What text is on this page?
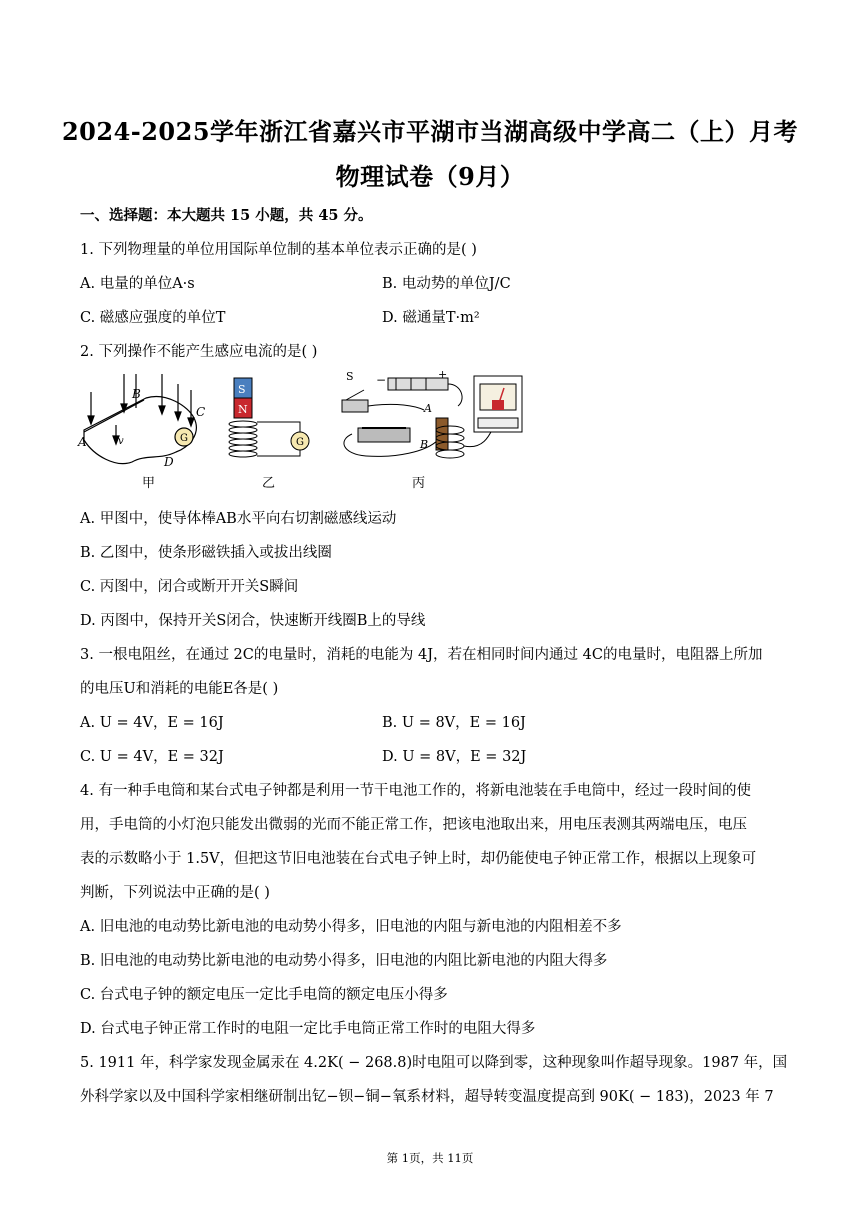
2024-2025学年浙江省嘉兴市平湖市当湖高级中学高二（上）月考
物理试卷（9月）
一、选择题：本大题共 15 小题，共 45 分。
1. 下列物理量的单位用国际单位制的基本单位表示正确的是( )
A. 电量的单位A·s	B. 电动势的单位J/C
C. 磁感应强度的单位T	D. 磁通量T·m²
2. 下列操作不能产生感应电流的是( )
G
B
A
C
D
v
甲
S
N
G
乙
−	+
S
A
B
丙
A. 甲图中，使导体棒AB水平向右切割磁感线运动
B. 乙图中，使条形磁铁插入或拔出线圈
C. 丙图中，闭合或断开开关S瞬间
D. 丙图中，保持开关S闭合，快速断开线圈B上的导线
3. 一根电阻丝，在通过 2C的电量时，消耗的电能为 4J，若在相同时间内通过 4C的电量时，电阻器上所加
的电压U和消耗的电能E各是( )
A. U = 4V，E = 16J	B. U = 8V，E = 16J
C. U = 4V，E = 32J	D. U = 8V，E = 32J
4. 有一种手电筒和某台式电子钟都是利用一节干电池工作的，将新电池装在手电筒中，经过一段时间的使
用，手电筒的小灯泡只能发出微弱的光而不能正常工作，把该电池取出来，用电压表测其两端电压，电压
表的示数略小于 1.5V，但把这节旧电池装在台式电子钟上时，却仍能使电子钟正常工作，根据以上现象可
判断，下列说法中正确的是( )
A. 旧电池的电动势比新电池的电动势小得多，旧电池的内阻与新电池的内阻相差不多
B. 旧电池的电动势比新电池的电动势小得多，旧电池的内阻比新电池的内阻大得多
C. 台式电子钟的额定电压一定比手电筒的额定电压小得多
D. 台式电子钟正常工作时的电阻一定比手电筒正常工作时的电阻大得多
5. 1911 年，科学家发现金属汞在 4.2K( − 268.8)时电阻可以降到零，这种现象叫作超导现象。1987 年，国
外科学家以及中国科学家相继研制出钇−钡−铜−氧系材料，超导转变温度提高到 90K( − 183)，2023 年 7
第 1页，共 11页
